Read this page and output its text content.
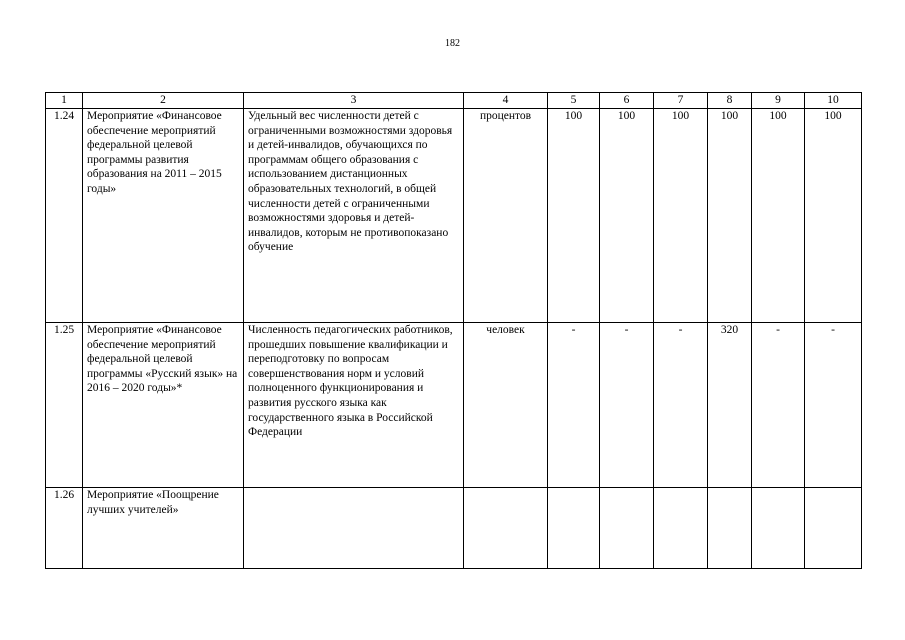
182
1	2	3	4	5	6	7	8	9	10
1.24	Мероприятие «Финансовое обеспечение мероприятий федеральной целевой программы развития образования на 2011 – 2015 годы»	Удельный вес численности детей с ограниченными возможностями здоровья и детей-инвалидов, обучающихся по программам общего образования с использованием дистанционных образовательных технологий, в общей численности детей с ограниченными возможностями здоровья и детей-инвалидов, которым не противопоказано обучение	процентов	100	100	100	100	100	100
1.25	Мероприятие «Финансовое обеспечение мероприятий федеральной целевой программы «Русский язык» на 2016 – 2020 годы»*	Численность педагогических работников, прошедших повышение квалификации и переподготовку по вопросам совершенствования норм и условий полноценного функционирования и развития русского языка как государственного языка в Российской Федерации	человек	-	-	-	320	-	-
1.26	Мероприятие «Поощрение лучших учителей»								
